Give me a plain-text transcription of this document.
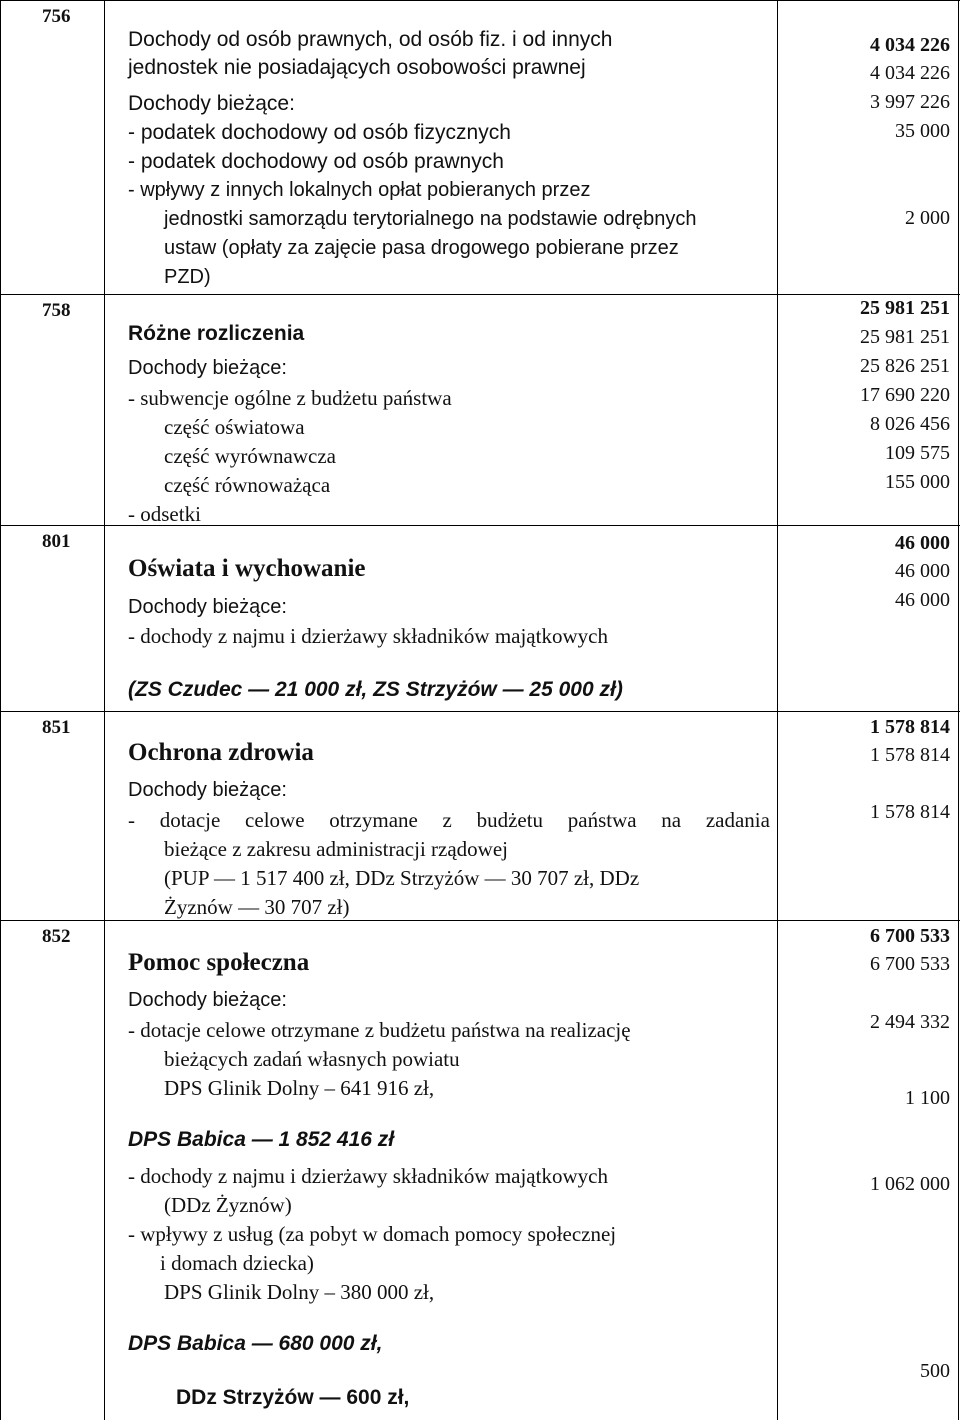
756
Dochody od osób prawnych, od osób fiz. i od innych
jednostek nie posiadających osobowości prawnej
Dochody bieżące:
- podatek dochodowy od osób fizycznych
- podatek dochodowy od osób prawnych
- wpływy z innych lokalnych opłat pobieranych przez
jednostki samorządu terytorialnego na podstawie odrębnych
ustaw (opłaty za zajęcie pasa drogowego pobierane przez
PZD)
4 034 226
4 034 226
3 997 226
35 000
2 000
758
Różne rozliczenia
Dochody bieżące:
- subwencje ogólne z budżetu państwa
część oświatowa
część wyrównawcza
część równoważąca
- odsetki
25 981 251
25 981 251
25 826 251
17 690 220
8 026 456
109 575
155 000
801
Oświata i wychowanie
Dochody bieżące:
- dochody z najmu i dzierżawy składników majątkowych
(ZS Czudec — 21 000 zł, ZS Strzyżów — 25 000 zł)
46 000
46 000
46 000
851
Ochrona zdrowia
Dochody bieżące:
- dotacje celowe otrzymane z budżetu państwa na zadania
bieżące z zakresu administracji rządowej
(PUP — 1 517 400 zł, DDz Strzyżów — 30 707 zł, DDz
Żyznów — 30 707 zł)
1 578 814
1 578 814
1 578 814
852
Pomoc społeczna
Dochody bieżące:
- dotacje celowe otrzymane z budżetu państwa na realizację
bieżących zadań własnych powiatu
DPS Glinik Dolny – 641 916 zł,
DPS Babica — 1 852 416 zł
- dochody z najmu i dzierżawy składników majątkowych
(DDz Żyznów)
- wpływy z usług (za pobyt w domach pomocy społecznej
i domach dziecka)
DPS Glinik Dolny – 380 000 zł,
DPS Babica — 680 000 zł,
DDz Strzyżów — 600 zł,
6 700 533
6 700 533
2 494 332
1 100
1 062 000
500
